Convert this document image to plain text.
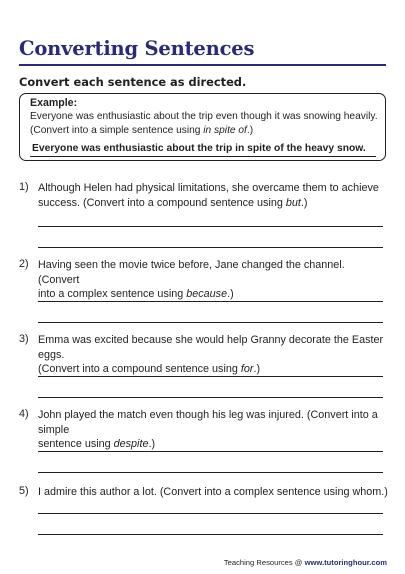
Converting Sentences
Convert each sentence as directed.
Example:
Everyone was enthusiastic about the trip even though it was snowing heavily.
(Convert into a simple sentence using in spite of.)
Everyone was enthusiastic about the trip in spite of the heavy snow.
1) Although Helen had physical limitations, she overcame them to achieve
success. (Convert into a compound sentence using but.)
2) Having seen the movie twice before, Jane changed the channel. (Convert
into a complex sentence using because.)
3) Emma was excited because she would help Granny decorate the Easter eggs.
(Convert into a compound sentence using for.)
4) John played the match even though his leg was injured. (Convert into a simple
sentence using despite.)
5) I admire this author a lot. (Convert into a complex sentence using whom.)
Teaching Resources @ www.tutoringhour.com
